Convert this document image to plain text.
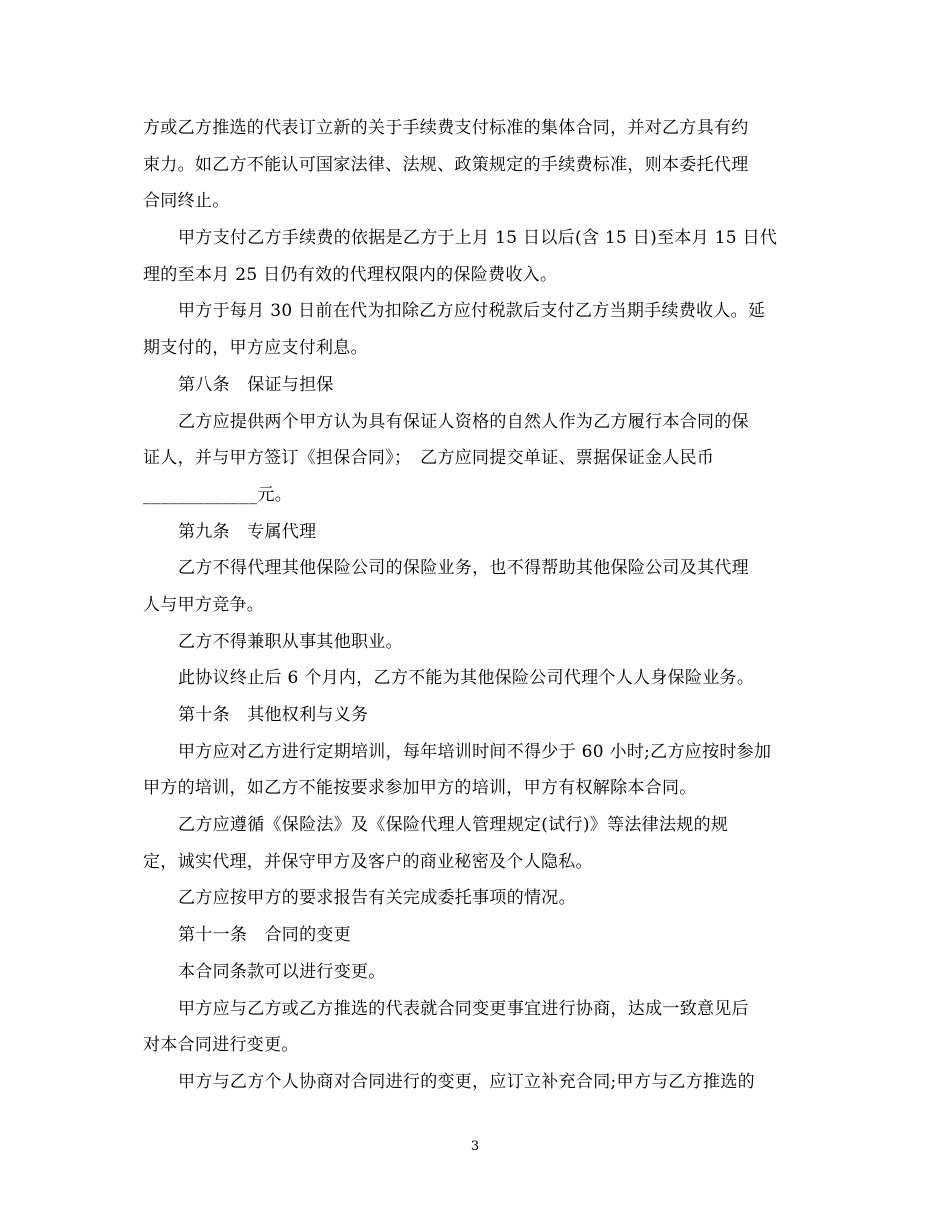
方或乙方推选的代表订立新的关于手续费支付标准的集体合同，并对乙方具有约
束力。如乙方不能认可国家法律、法规、政策规定的手续费标准，则本委托代理
合同终止。
甲方支付乙方手续费的依据是乙方于上月 15 日以后(含 15 日)至本月 15 日代
理的至本月 25 日仍有效的代理权限内的保险费收入。
甲方于每月 30 日前在代为扣除乙方应付税款后支付乙方当期手续费收人。延
期支付的，甲方应支付利息。
第八条　保证与担保
乙方应提供两个甲方认为具有保证人资格的自然人作为乙方履行本合同的保
证人，并与甲方签订《担保合同》；　乙方应同提交单证、票据保证金人民币
_____________元。
第九条　专属代理
乙方不得代理其他保险公司的保险业务，也不得帮助其他保险公司及其代理
人与甲方竞争。
乙方不得兼职从事其他职业。
此协议终止后 6 个月内，乙方不能为其他保险公司代理个人人身保险业务。
第十条　其他权利与义务
甲方应对乙方进行定期培训，每年培训时间不得少于 60 小时;乙方应按时参加
甲方的培训，如乙方不能按要求参加甲方的培训，甲方有权解除本合同。
乙方应遵循《保险法》及《保险代理人管理规定(试行)》等法律法规的规
定，诚实代理，并保守甲方及客户的商业秘密及个人隐私。
乙方应按甲方的要求报告有关完成委托事项的情况。
第十一条　合同的变更
本合同条款可以进行变更。
甲方应与乙方或乙方推选的代表就合同变更事宜进行协商，达成一致意见后
对本合同进行变更。
甲方与乙方个人协商对合同进行的变更，应订立补充合同;甲方与乙方推选的
3
